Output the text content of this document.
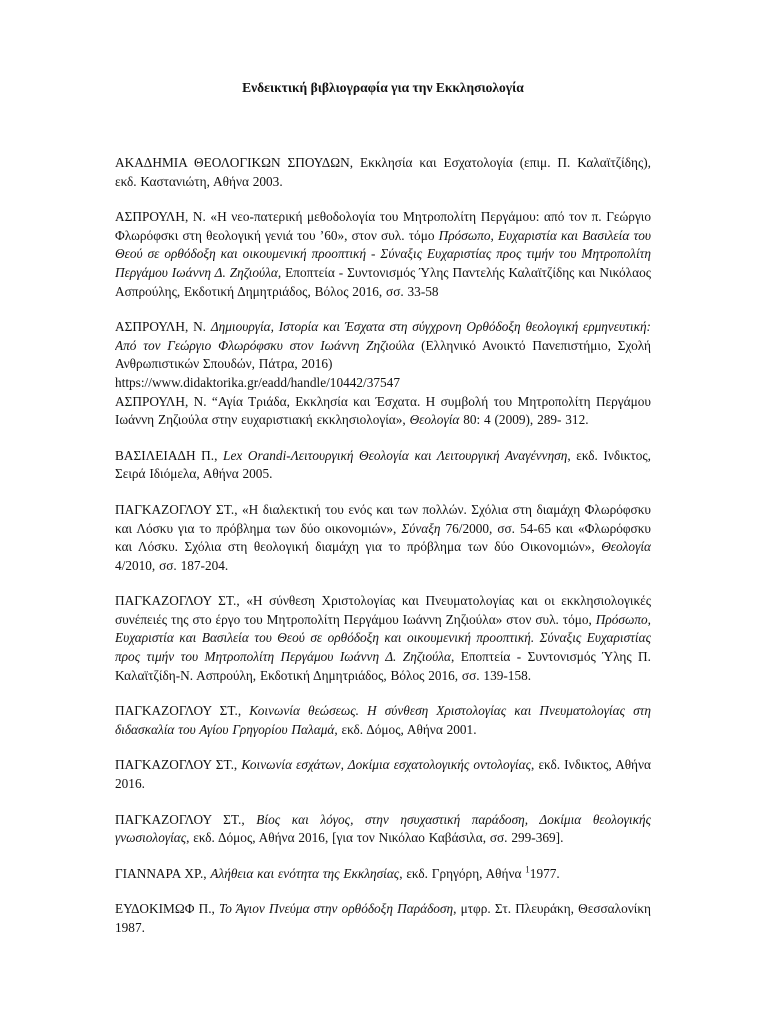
Ενδεικτική βιβλιογραφία για την Εκκλησιολογία

ΑΚΑΔΗΜΙΑ ΘΕΟΛΟΓΙΚΩΝ ΣΠΟΥΔΩΝ, Εκκλησία και Εσχατολογία (επιμ. Π. Καλαϊτζίδης), εκδ. Καστανιώτη, Αθήνα 2003.

ΑΣΠΡΟΥΛΗ, Ν. «Η νεο-πατερική μεθοδολογία του Μητροπολίτη Περγάμου: από τον π. Γεώργιο Φλωρόφσκι στη θεολογική γενιά του ’60», στον συλ. τόμο Πρόσωπο, Ευχαριστία και Βασιλεία του Θεού σε ορθόδοξη και οικουμενική προοπτική - Σύναξις Ευχαριστίας προς τιμήν του Μητροπολίτη Περγάμου Ιωάννη Δ. Ζηζιούλα, Εποπτεία - Συντονισμός Ύλης Παντελής Καλαϊτζίδης και Νικόλαος Ασπρούλης, Εκδοτική Δημητριάδος, Βόλος 2016, σσ. 33-58

ΑΣΠΡΟΥΛΗ, Ν. Δημιουργία, Ιστορία και Έσχατα στη σύγχρονη Ορθόδοξη θεολογική ερμηνευτική: Από τον Γεώργιο Φλωρόφσκυ στον Ιωάννη Ζηζιούλα (Ελληνικό Ανοικτό Πανεπιστήμιο, Σχολή Ανθρωπιστικών Σπουδών, Πάτρα, 2016)
https://www.didaktorika.gr/eadd/handle/10442/37547

ΑΣΠΡΟΥΛΗ, Ν. “Αγία Τριάδα, Εκκλησία και Έσχατα. Η συμβολή του Μητροπολίτη Περγάμου Ιωάννη Ζηζιούλα στην ευχαριστιακή εκκλησιολογία», Θεολογία 80: 4 (2009), 289- 312.

ΒΑΣΙΛΕΙΑΔΗ Π., Lex Orandi-Λειτουργική Θεολογία και Λειτουργική Αναγέννηση, εκδ. Ινδικτος, Σειρά Ιδιόμελα, Αθήνα 2005.

ΠΑΓΚΑΖΟΓΛΟΥ ΣΤ., «Η διαλεκτική του ενός και των πολλών. Σχόλια στη διαμάχη Φλωρόφσκυ και Λόσκυ για το πρόβλημα των δύο οικονομιών», Σύναξη 76/2000, σσ. 54-65 και «Φλωρόφσκυ και Λόσκυ. Σχόλια στη θεολογική διαμάχη για το πρόβλημα των δύο Οικονομιών», Θεολογία 4/2010, σσ. 187-204.

ΠΑΓΚΑΖΟΓΛΟΥ ΣΤ., «Η σύνθεση Χριστολογίας και Πνευματολογίας και οι εκκλησιολογικές συνέπειές της στο έργο του Μητροπολίτη Περγάμου Ιωάννη Ζηζιούλα» στον συλ. τόμο, Πρόσωπο, Ευχαριστία και Βασιλεία του Θεού σε ορθόδοξη και οικουμενική προοπτική. Σύναξις Ευχαριστίας προς τιμήν του Μητροπολίτη Περγάμου Ιωάννη Δ. Ζηζιούλα, Εποπτεία - Συντονισμός Ύλης Π. Καλαϊτζίδη-Ν. Ασπρούλη, Εκδοτική Δημητριάδος, Βόλος 2016, σσ. 139-158.

ΠΑΓΚΑΖΟΓΛΟΥ ΣΤ., Κοινωνία θεώσεως. Η σύνθεση Χριστολογίας και Πνευματολογίας στη διδασκαλία του Αγίου Γρηγορίου Παλαμά, εκδ. Δόμος, Αθήνα 2001.

ΠΑΓΚΑΖΟΓΛΟΥ ΣΤ., Κοινωνία εσχάτων, Δοκίμια εσχατολογικής οντολογίας, εκδ. Ινδικτος, Αθήνα 2016.

ΠΑΓΚΑΖΟΓΛΟΥ ΣΤ., Βίος και λόγος, στην ησυχαστική παράδοση, Δοκίμια θεολογικής γνωσιολογίας, εκδ. Δόμος, Αθήνα 2016, [για τον Νικόλαο Καβάσιλα, σσ. 299-369].

ΓΙΑΝΝΑΡΑ ΧΡ., Αλήθεια και ενότητα της Εκκλησίας, εκδ. Γρηγόρη, Αθήνα $^1$1977.

ΕΥΔΟΚΙΜΩΦ Π., Το Άγιον Πνεύμα στην ορθόδοξη Παράδοση, μτφρ. Στ. Πλευράκη, Θεσσαλονίκη 1987.
